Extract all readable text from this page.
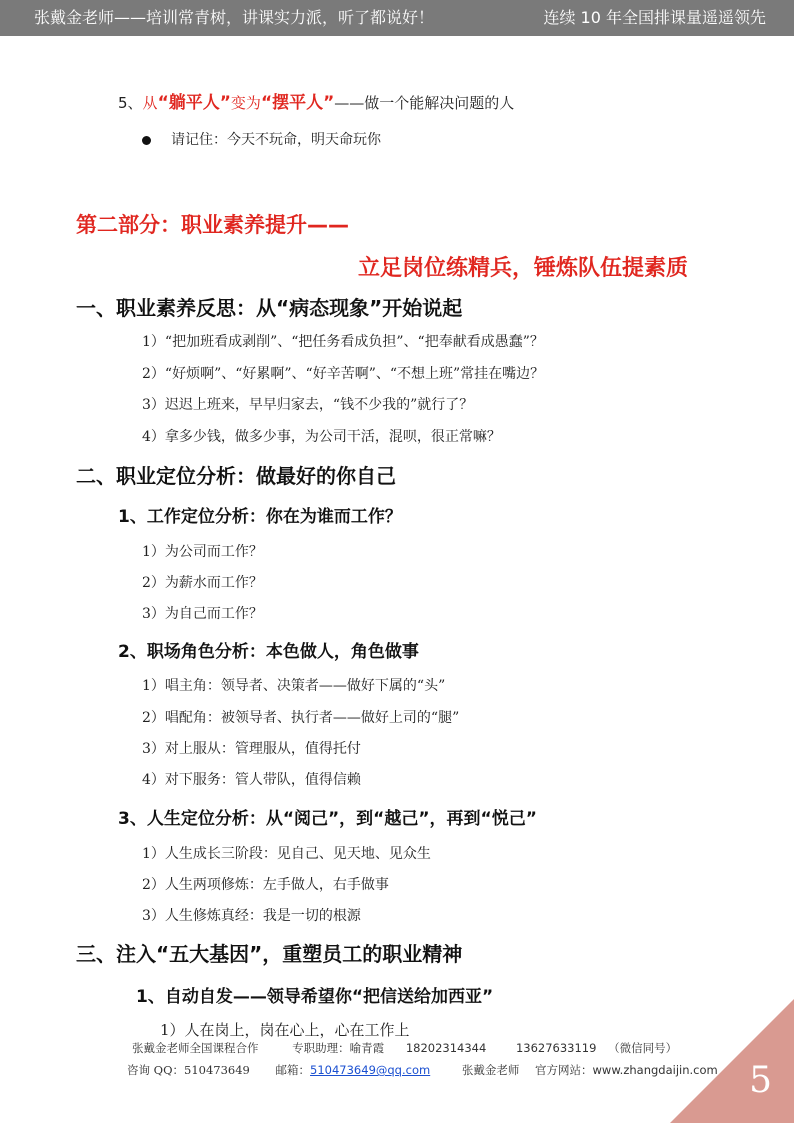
张戴金老师——培训常青树，讲课实力派，听了都说好！	连续 10 年全国排课量遥遥领先
5、从“躺平人”变为“摆平人”——做一个能解决问题的人
请记住：今天不玩命，明天命玩你
第二部分：职业素养提升——
立足岗位练精兵，锤炼队伍提素质
一、职业素养反思：从“病态现象”开始说起
1）“把加班看成剥削”、“把任务看成负担”、“把奉献看成愚蠢”？
2）“好烦啊”、“好累啊”、“好辛苦啊”、“不想上班”常挂在嘴边？
3）迟迟上班来，早早归家去，“钱不少我的”就行了？
4）拿多少钱，做多少事，为公司干活，混呗，很正常嘛？
二、职业定位分析：做最好的你自己
1、工作定位分析：你在为谁而工作？
1）为公司而工作？
2）为薪水而工作？
3）为自己而工作？
2、职场角色分析：本色做人，角色做事
1）唱主角：领导者、决策者——做好下属的“头”
2）唱配角：被领导者、执行者——做好上司的“腿”
3）对上服从：管理服从，值得托付
4）对下服务：管人带队，值得信赖
3、人生定位分析：从“阅己”，到“越己”，再到“悦己”
1）人生成长三阶段：见自己、见天地、见众生
2）人生两项修炼：左手做人，右手做事
3）人生修炼真经：我是一切的根源
三、注入“五大基因”，重塑员工的职业精神
1、自动自发——领导希望你“把信送给加西亚”
1）人在岗上，岗在心上，心在工作上
张戴金老师全国课程合作	专职助理：喻青霞 18202314344	13627633119 （微信同号）
咨询 QQ：510473649 邮箱：510473649@qq.com	张戴金老师 官方网站：www.zhangdaijin.com 5
